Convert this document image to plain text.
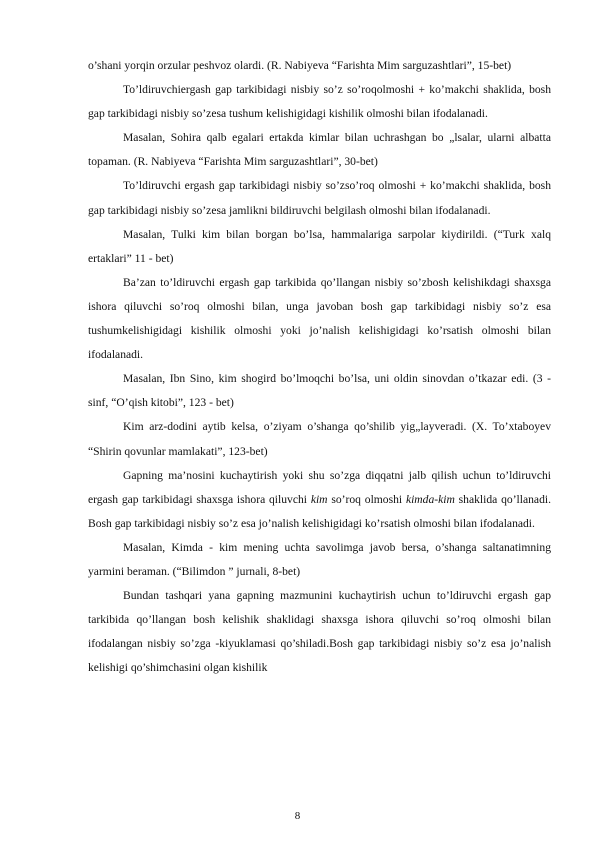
o’shani yorqin orzular peshvoz olardi. (R. Nabiyeva “Farishta Mim sarguzashtlari”, 15-bet)

To’ldiruvchiergash gap tarkibidagi nisbiy so’z so’roqolmoshi + ko’makchi shaklida, bosh gap tarkibidagi nisbiy so’zesa tushum kelishigidagi kishilik olmoshi bilan ifodalanadi.

Masalan, Sohira qalb egalari ertakda kimlar bilan uchrashgan bo „lsalar, ularni albatta topaman. (R. Nabiyeva “Farishta Mim sarguzashtlari”, 30-bet)

To’ldiruvchi ergash gap tarkibidagi nisbiy so’zso’roq olmoshi + ko’makchi shaklida, bosh gap tarkibidagi nisbiy so’zesa jamlikni bildiruvchi belgilash olmoshi bilan ifodalanadi.

Masalan, Tulki kim bilan borgan bo’lsa, hammalariga sarpolar kiydirildi. (“Turk xalq ertaklari” 11 - bet)

Ba’zan to’ldiruvchi ergash gap tarkibida qo’llangan nisbiy so’zbosh kelishikdagi shaxsga ishora qiluvchi so’roq olmoshi bilan, unga javoban bosh gap tarkibidagi nisbiy so’z esa tushumkelishigidagi kishilik olmoshi yoki jo’nalish kelishigidagi ko’rsatish olmoshi bilan ifodalanadi.

Masalan, Ibn Sino, kim shogird bo’lmoqchi bo’lsa, uni oldin sinovdan o’tkazar edi. (3 - sinf, “O’qish kitobi”, 123 - bet)

Kim arz-dodini aytib kelsa, o’ziyam o’shanga qo’shilib yig„layveradi. (X. To’xtaboyev “Shirin qovunlar mamlakati”, 123-bet)

Gapning ma’nosini kuchaytirish yoki shu so’zga diqqatni jalb qilish uchun to’ldiruvchi ergash gap tarkibidagi shaxsga ishora qiluvchi kim so’roq olmoshi kimda-kim shaklida qo’llanadi. Bosh gap tarkibidagi nisbiy so’z esa jo’nalish kelishigidagi ko’rsatish olmoshi bilan ifodalanadi.

Masalan, Kimda - kim mening uchta savolimga javob bersa, o’shanga saltanatimning yarmini beraman. (“Bilimdon ” jurnali, 8-bet)

Bundan tashqari yana gapning mazmunini kuchaytirish uchun to’ldiruvchi ergash gap tarkibida qo’llangan bosh kelishik shaklidagi shaxsga ishora qiluvchi so’roq olmoshi bilan ifodalangan nisbiy so’zga -kiyuklamasi qo’shiladi.Bosh gap tarkibidagi nisbiy so’z esa jo’nalish kelishigi qo’shimchasini olgan kishilik

8
